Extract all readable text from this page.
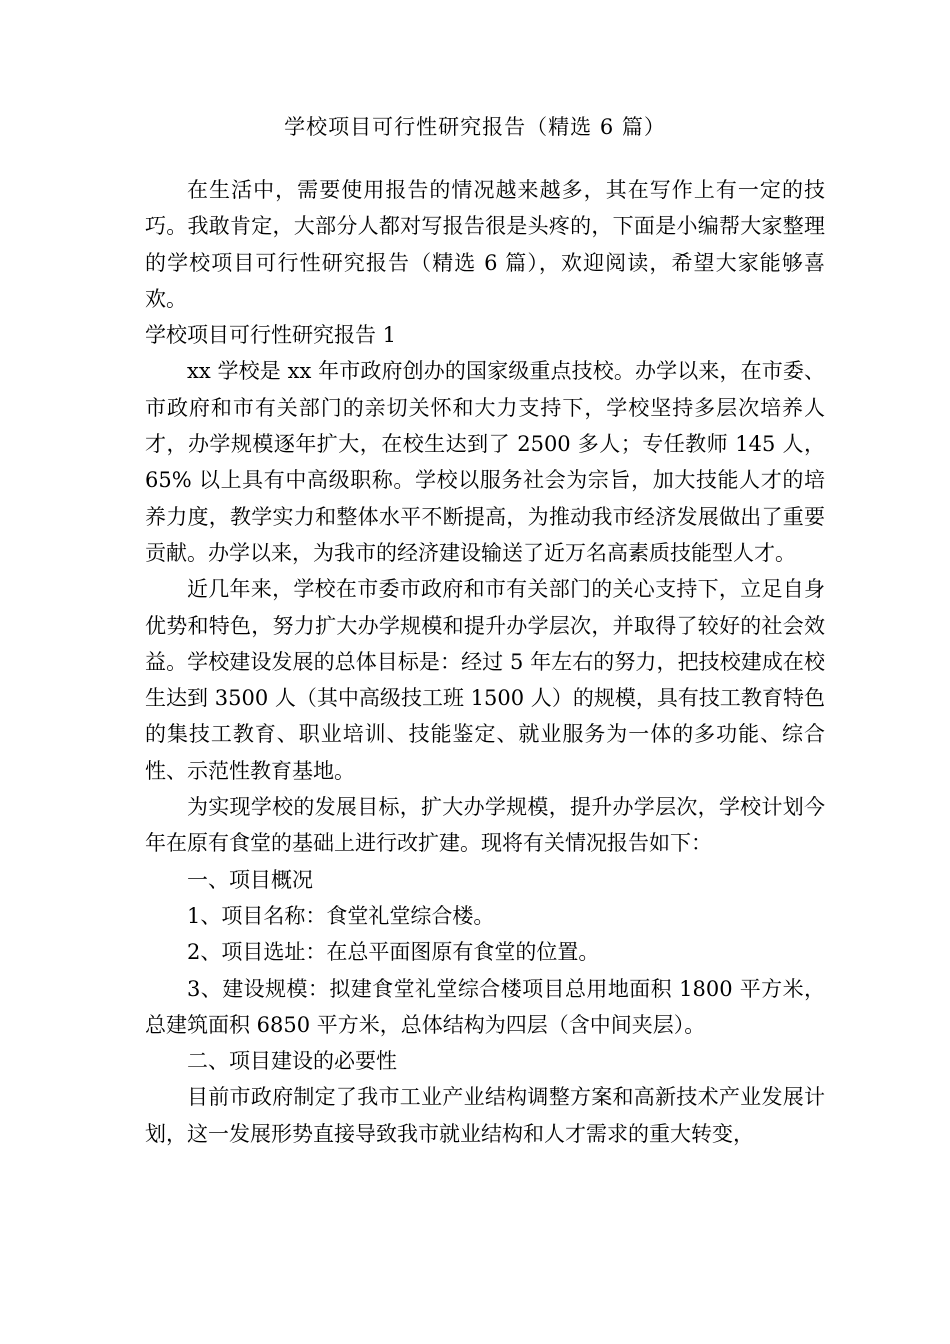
学校项目可行性研究报告（精选 6 篇）

在生活中，需要使用报告的情况越来越多，其在写作上有一定的技巧。我敢肯定，大部分人都对写报告很是头疼的，下面是小编帮大家整理的学校项目可行性研究报告（精选 6 篇），欢迎阅读，希望大家能够喜欢。

学校项目可行性研究报告 1

xx 学校是 xx 年市政府创办的国家级重点技校。办学以来，在市委、市政府和市有关部门的亲切关怀和大力支持下，学校坚持多层次培养人才，办学规模逐年扩大，在校生达到了 2500 多人；专任教师 145 人，65% 以上具有中高级职称。学校以服务社会为宗旨，加大技能人才的培养力度，教学实力和整体水平不断提高，为推动我市经济发展做出了重要贡献。办学以来，为我市的经济建设输送了近万名高素质技能型人才。

近几年来，学校在市委市政府和市有关部门的关心支持下，立足自身优势和特色，努力扩大办学规模和提升办学层次，并取得了较好的社会效益。学校建设发展的总体目标是：经过 5 年左右的努力，把技校建成在校生达到 3500 人（其中高级技工班 1500 人）的规模，具有技工教育特色的集技工教育、职业培训、技能鉴定、就业服务为一体的多功能、综合性、示范性教育基地。

为实现学校的发展目标，扩大办学规模，提升办学层次，学校计划今年在原有食堂的基础上进行改扩建。现将有关情况报告如下：

一、项目概况

1、项目名称：食堂礼堂综合楼。

2、项目选址：在总平面图原有食堂的位置。

3、建设规模：拟建食堂礼堂综合楼项目总用地面积 1800 平方米，总建筑面积 6850 平方米，总体结构为四层（含中间夹层）。

二、项目建设的必要性

目前市政府制定了我市工业产业结构调整方案和高新技术产业发展计划，这一发展形势直接导致我市就业结构和人才需求的重大转变，
